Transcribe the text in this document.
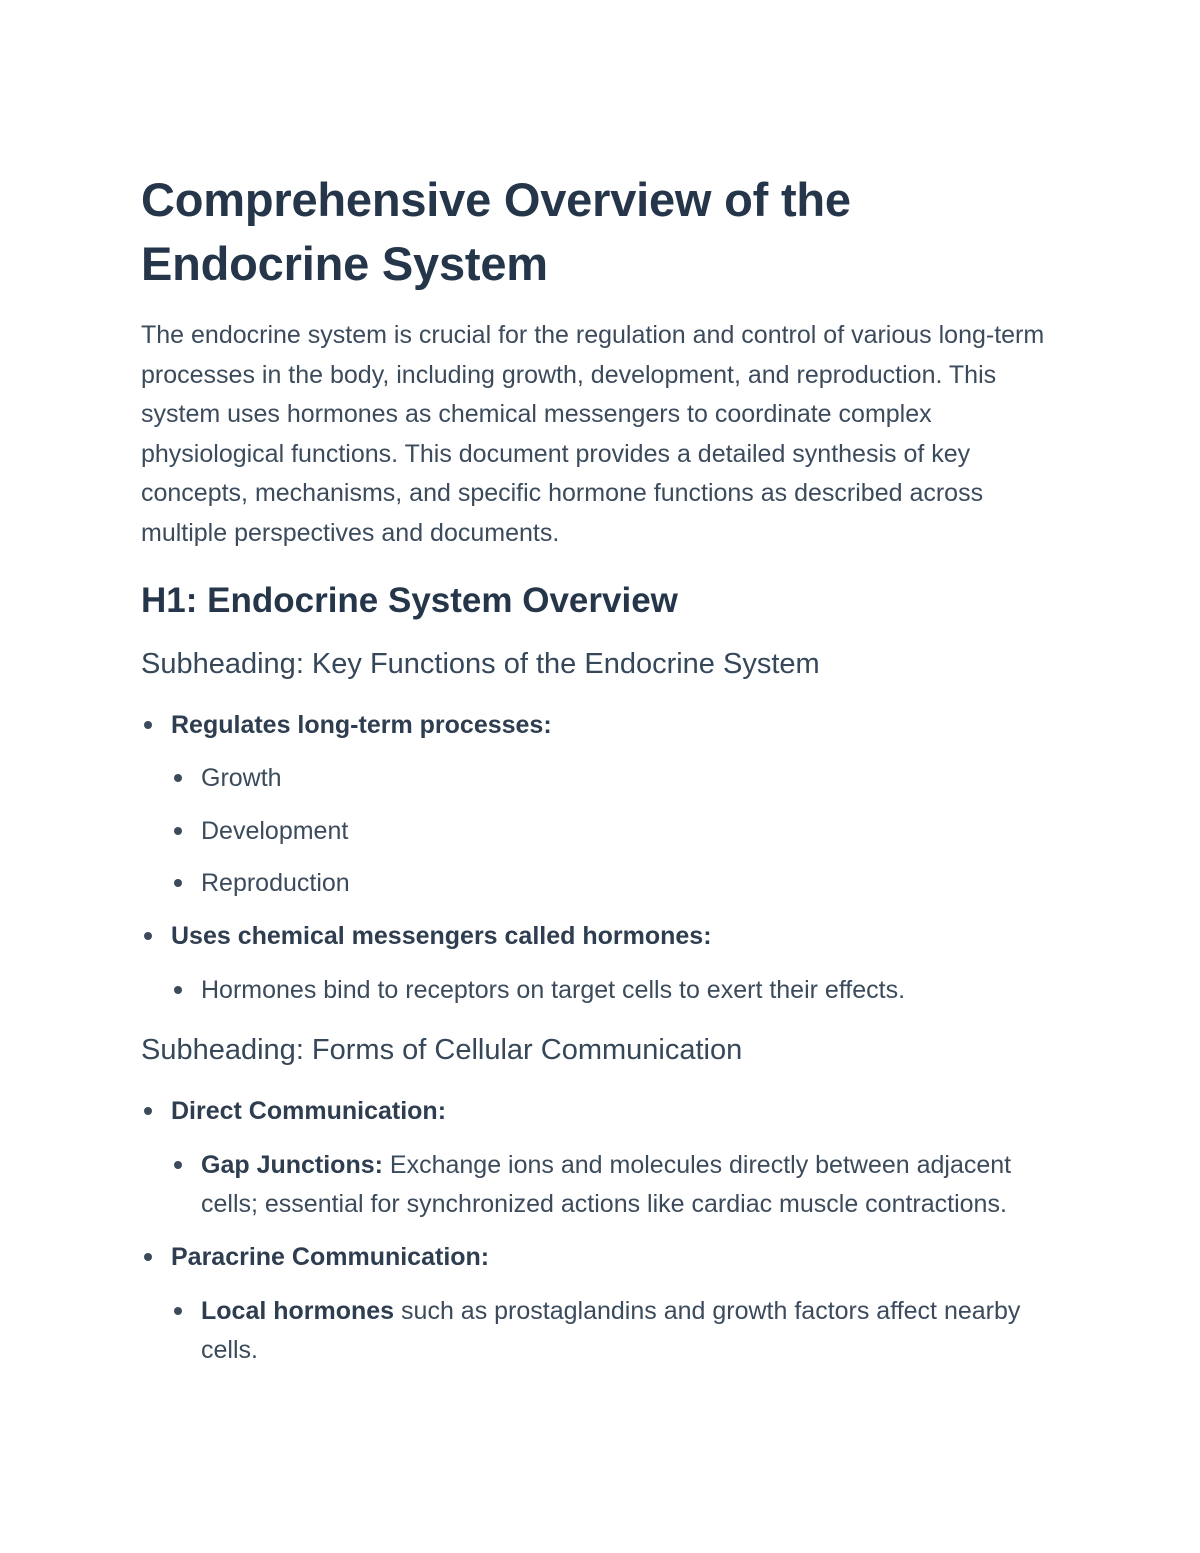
Comprehensive Overview of the Endocrine System

The endocrine system is crucial for the regulation and control of various long-term processes in the body, including growth, development, and reproduction. This system uses hormones as chemical messengers to coordinate complex physiological functions. This document provides a detailed synthesis of key concepts, mechanisms, and specific hormone functions as described across multiple perspectives and documents.

H1: Endocrine System Overview
Subheading: Key Functions of the Endocrine System
Regulates long-term processes:
Growth
Development
Reproduction
Uses chemical messengers called hormones:
Hormones bind to receptors on target cells to exert their effects.
Subheading: Forms of Cellular Communication
Direct Communication:
Gap Junctions: Exchange ions and molecules directly between adjacent cells; essential for synchronized actions like cardiac muscle contractions.
Paracrine Communication:
Local hormones such as prostaglandins and growth factors affect nearby cells.
